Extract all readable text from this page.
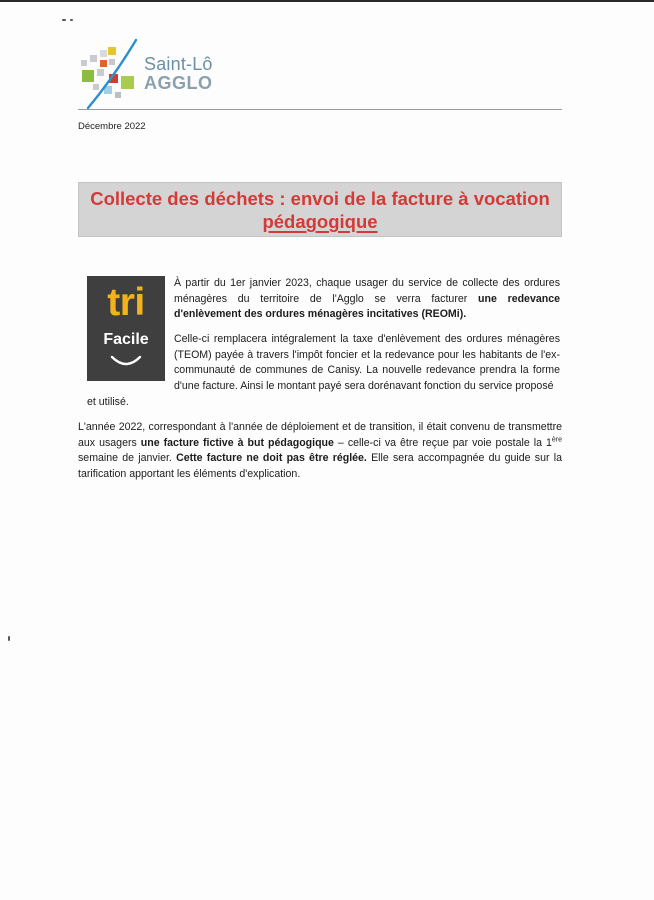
Saint-Lô
AGGLO
Décembre 2022
Collecte des déchets : envoi de la facture à vocation
pédagogique
tri
Facile
À partir du 1er janvier 2023, chaque usager du service de collecte des ordures ménagères du territoire de l'Agglo se verra facturer une redevance d'enlèvement des ordures ménagères incitatives (REOMi).
Celle-ci remplacera intégralement la taxe d'enlèvement des ordures ménagères (TEOM) payée à travers l'impôt foncier et la redevance pour les habitants de l'ex-communauté de communes de Canisy. La nouvelle redevance prendra la forme d'une facture. Ainsi le montant payé sera dorénavant fonction du service proposé
et utilisé.
L'année 2022, correspondant à l'année de déploiement et de transition, il était convenu de transmettre aux usagers une facture fictive à but pédagogique – celle-ci va être reçue par voie postale la 1ère semaine de janvier. Cette facture ne doit pas être réglée. Elle sera accompagnée du guide sur la tarification apportant les éléments d'explication.
